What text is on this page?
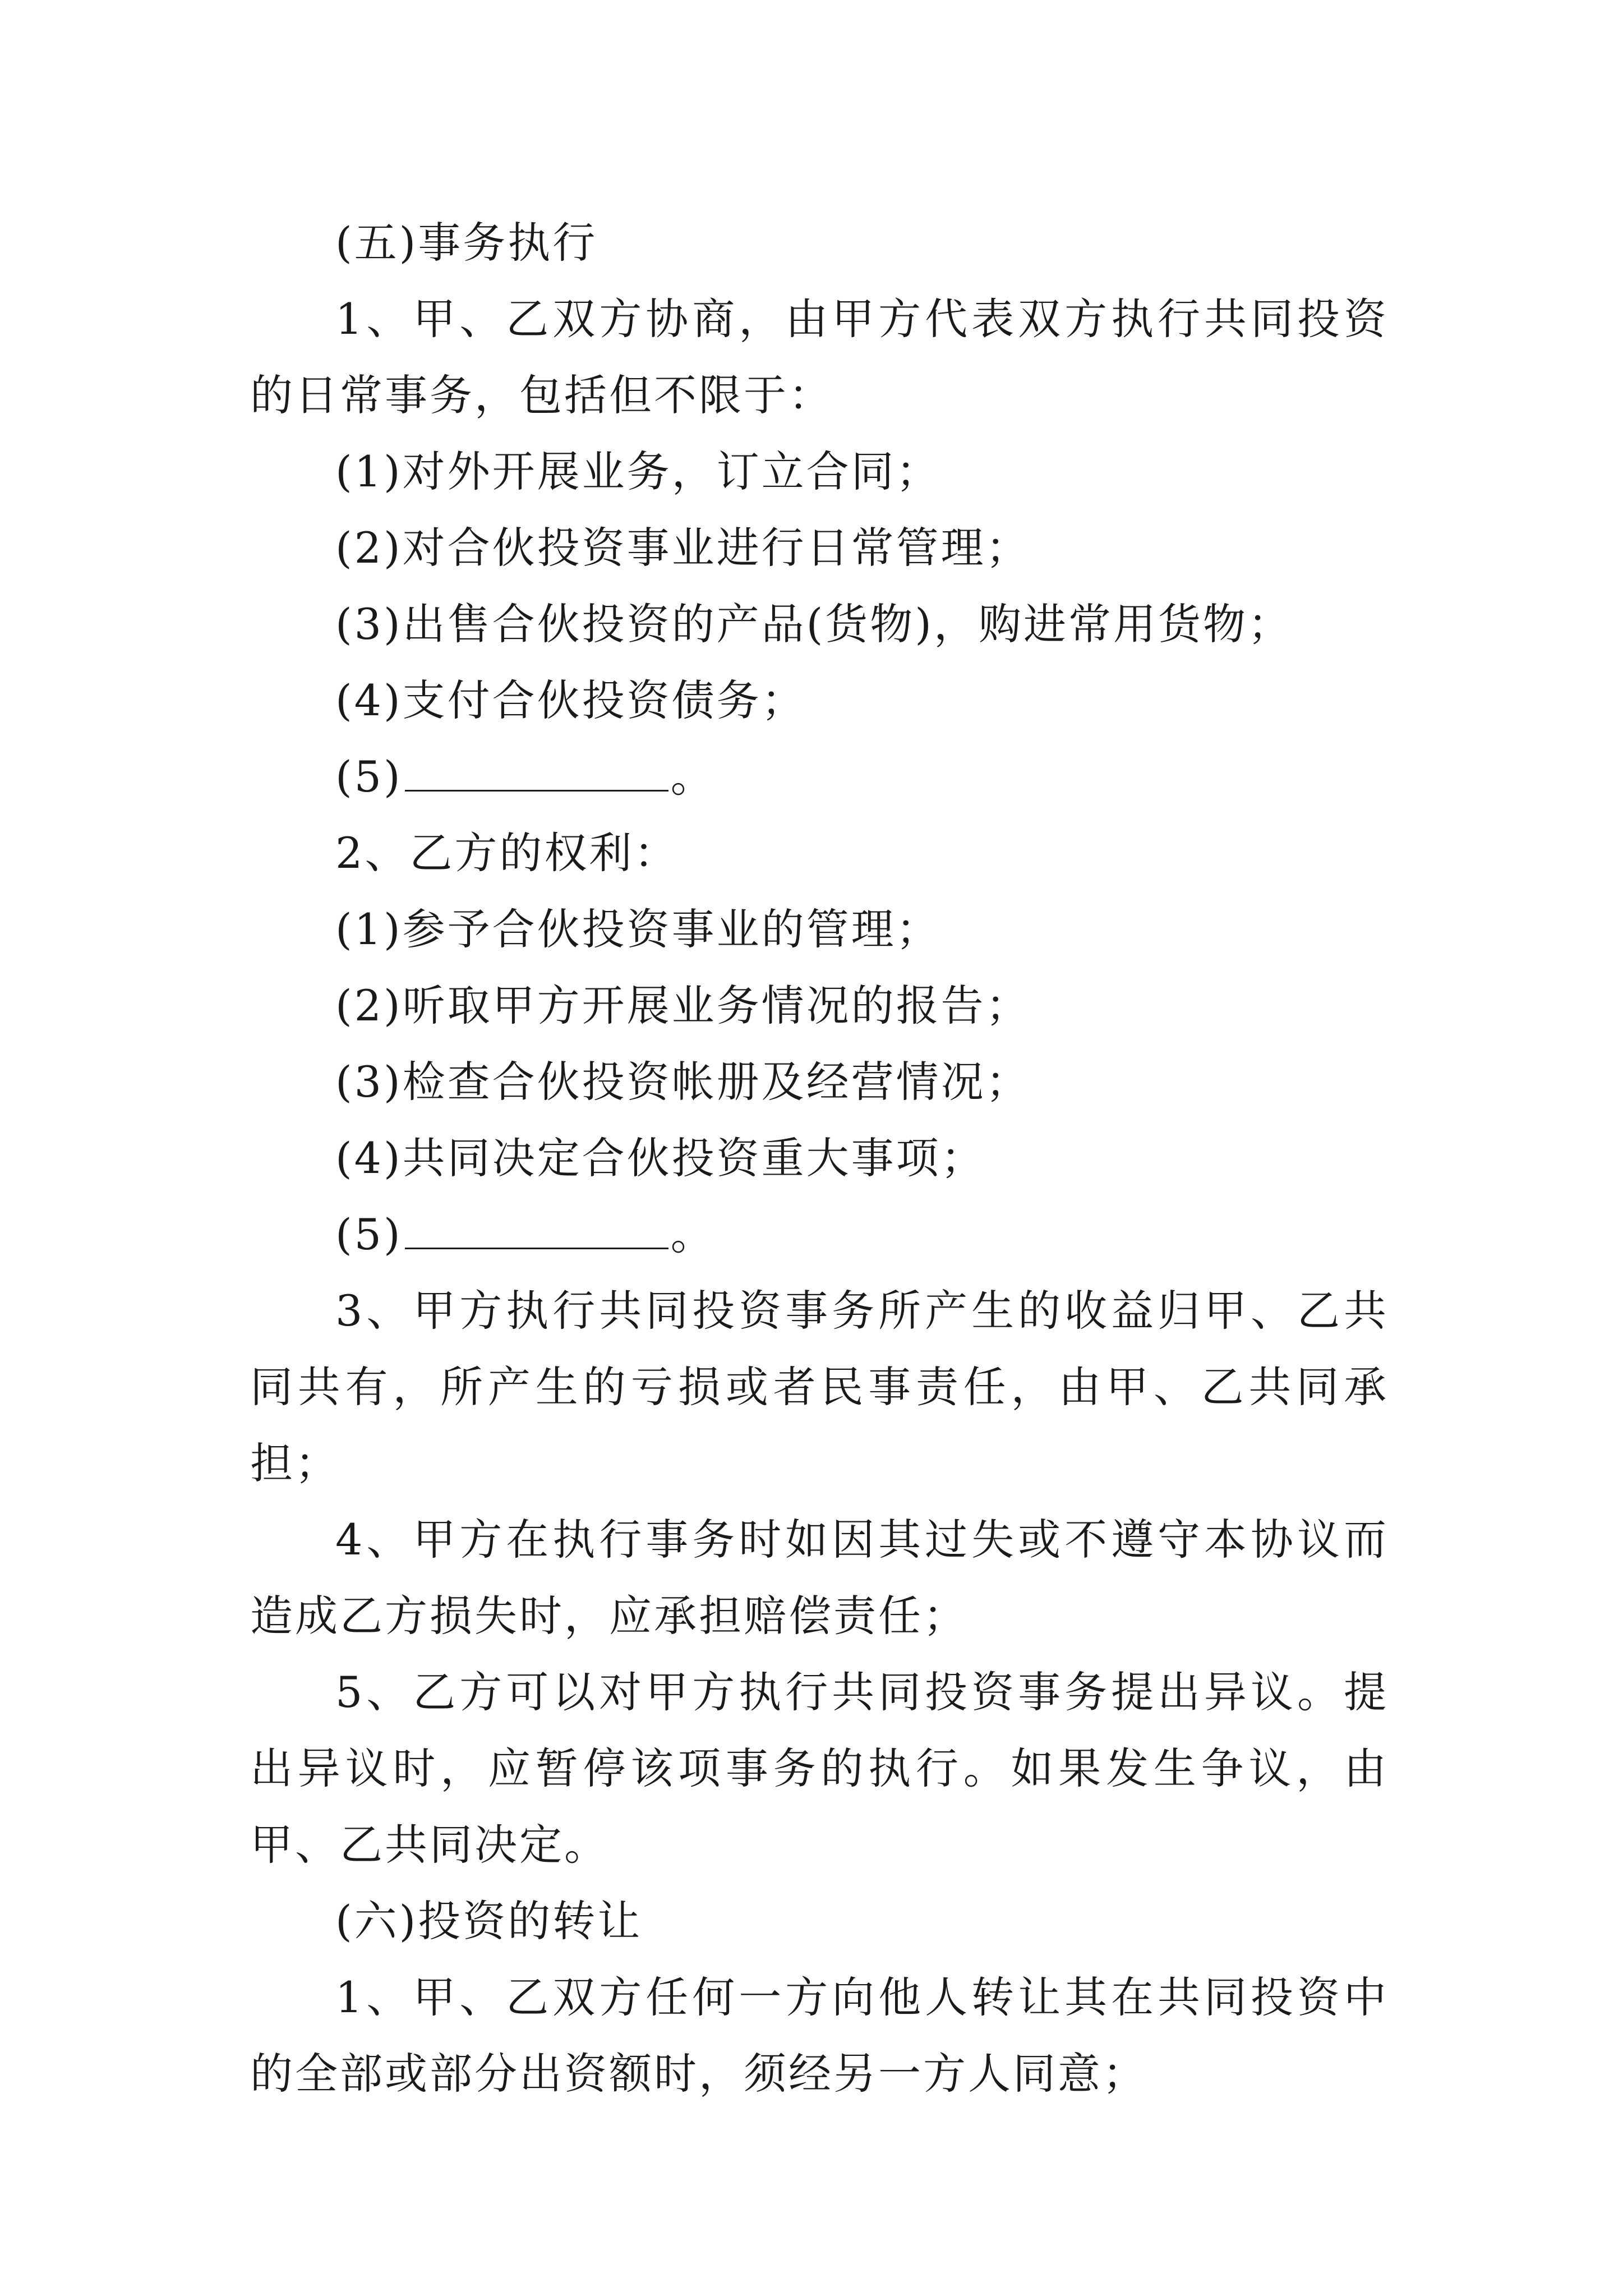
(五)事务执行

1、甲、乙双方协商，由甲方代表双方执行共同投资的日常事务，包括但不限于：

(1)对外开展业务，订立合同；

(2)对合伙投资事业进行日常管理；

(3)出售合伙投资的产品(货物)，购进常用货物；

(4)支付合伙投资债务；

(5)	。

2、乙方的权利：

(1)参予合伙投资事业的管理；

(2)听取甲方开展业务情况的报告；

(3)检查合伙投资帐册及经营情况；

(4)共同决定合伙投资重大事项；

(5)	。

3、甲方执行共同投资事务所产生的收益归甲、乙共同共有，所产生的亏损或者民事责任，由甲、乙共同承担；

4、甲方在执行事务时如因其过失或不遵守本协议而造成乙方损失时，应承担赔偿责任；

5、乙方可以对甲方执行共同投资事务提出异议。提出异议时，应暂停该项事务的执行。如果发生争议，由甲、乙共同决定。

(六)投资的转让

1、甲、乙双方任何一方向他人转让其在共同投资中的全部或部分出资额时，须经另一方人同意；
